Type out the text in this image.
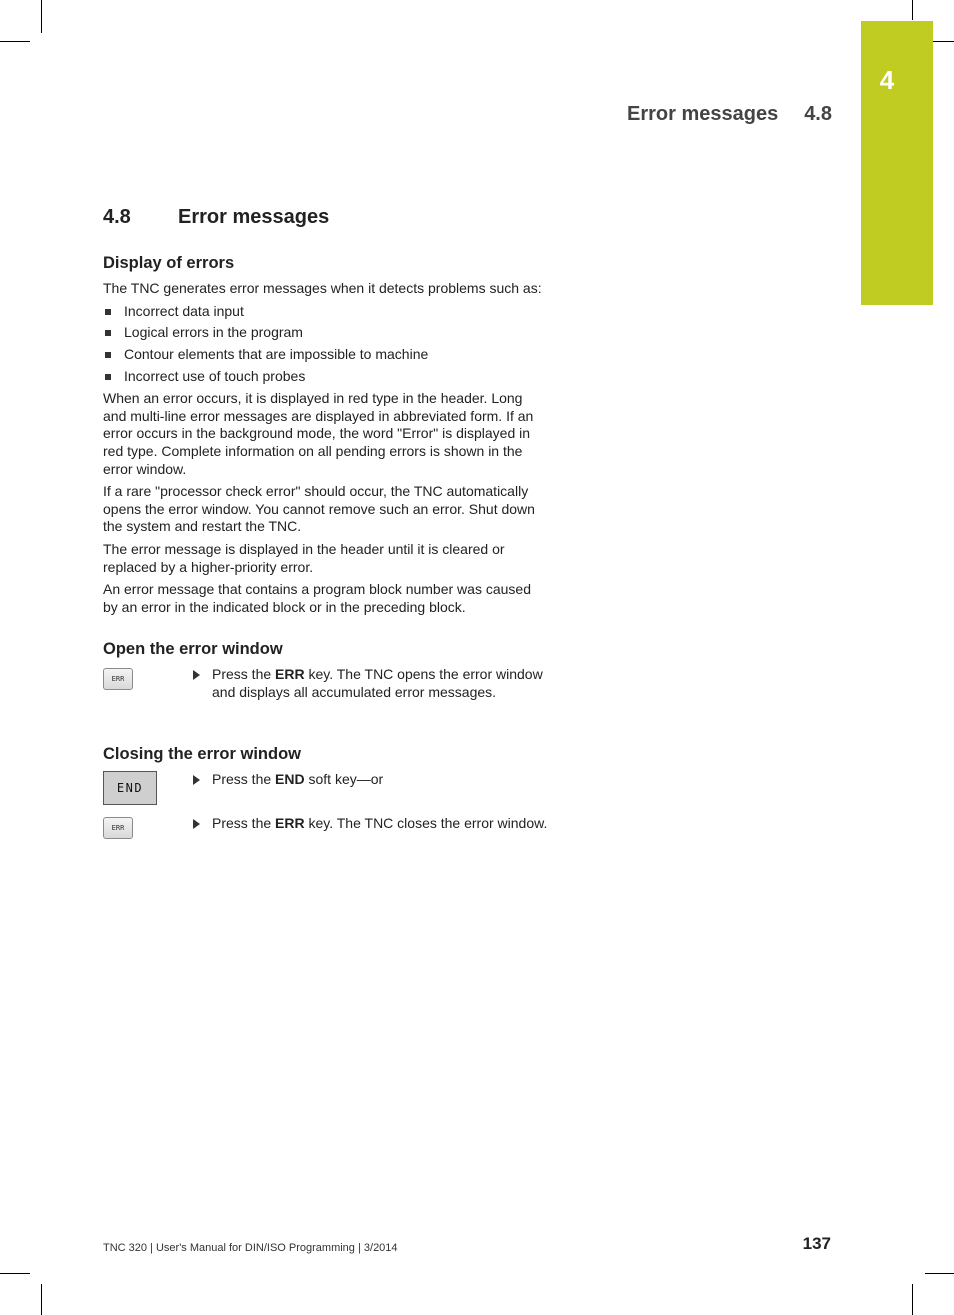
4
Error messages 4.8
4.8 Error messages
Display of errors

The TNC generates error messages when it detects problems such as:

Incorrect data input
Logical errors in the program
Contour elements that are impossible to machine
Incorrect use of touch probes

When an error occurs, it is displayed in red type in the header. Long and multi-line error messages are displayed in abbreviated form. If an error occurs in the background mode, the word "Error" is displayed in red type. Complete information on all pending errors is shown in the error window.

If a rare "processor check error" should occur, the TNC automatically opens the error window. You cannot remove such an error. Shut down the system and restart the TNC.

The error message is displayed in the header until it is cleared or replaced by a higher-priority error.

An error message that contains a program block number was caused by an error in the indicated block or in the preceding block.

Open the error window
ERR	Press the ERR key. The TNC opens the error window and displays all accumulated error messages.
Closing the error window
END
Press the END soft key—or
ERR	Press the ERR key. The TNC closes the error window.
TNC 320 | User's Manual for DIN/ISO Programming | 3/2014	137
